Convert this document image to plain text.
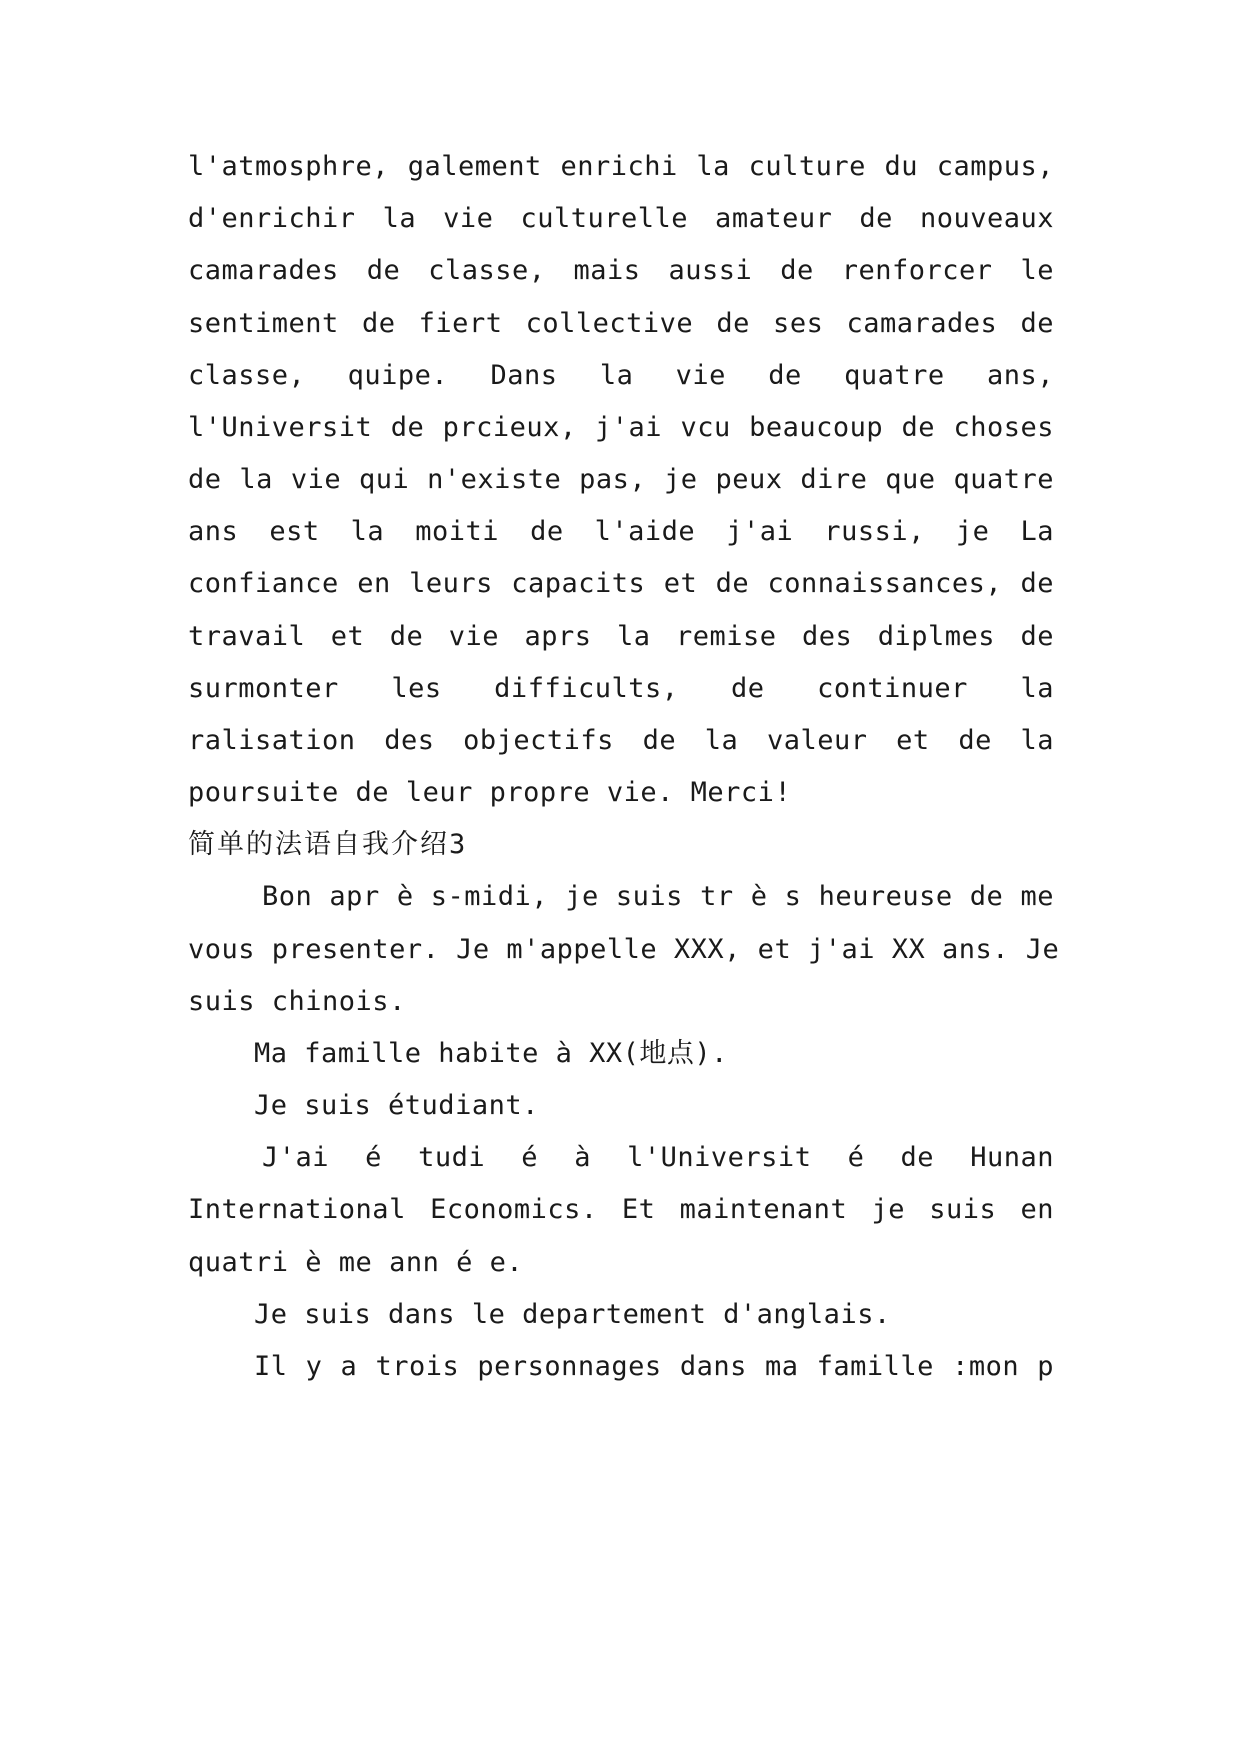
l'atmosphre, galement enrichi la culture du campus,
d'enrichir la vie culturelle amateur de nouveaux
camarades de classe, mais aussi de renforcer le
sentiment de fiert collective de ses camarades de
classe, quipe. Dans la vie de quatre ans,
l'Universit de prcieux, j'ai vcu beaucoup de choses
de la vie qui n'existe pas, je peux dire que quatre
ans est la moiti de l'aide j'ai russi, je La
confiance en leurs capacits et de connaissances, de
travail et de vie aprs la remise des diplmes de
surmonter les difficults, de continuer la
ralisation des objectifs de la valeur et de la
poursuite de leur propre vie. Merci!
简单的法语自我介绍3
Bon apr è s-midi, je suis tr è s heureuse de me
vous presenter. Je m'appelle XXX, et j'ai XX ans. Je
suis chinois.
Ma famille habite à XX(地点).
Je suis étudiant.
J'ai é tudi é à l'Universit é de Hunan
International Economics. Et maintenant je suis en
quatri è me ann é e.
Je suis dans le departement d'anglais.
Il y a trois personnages dans ma famille :mon p
